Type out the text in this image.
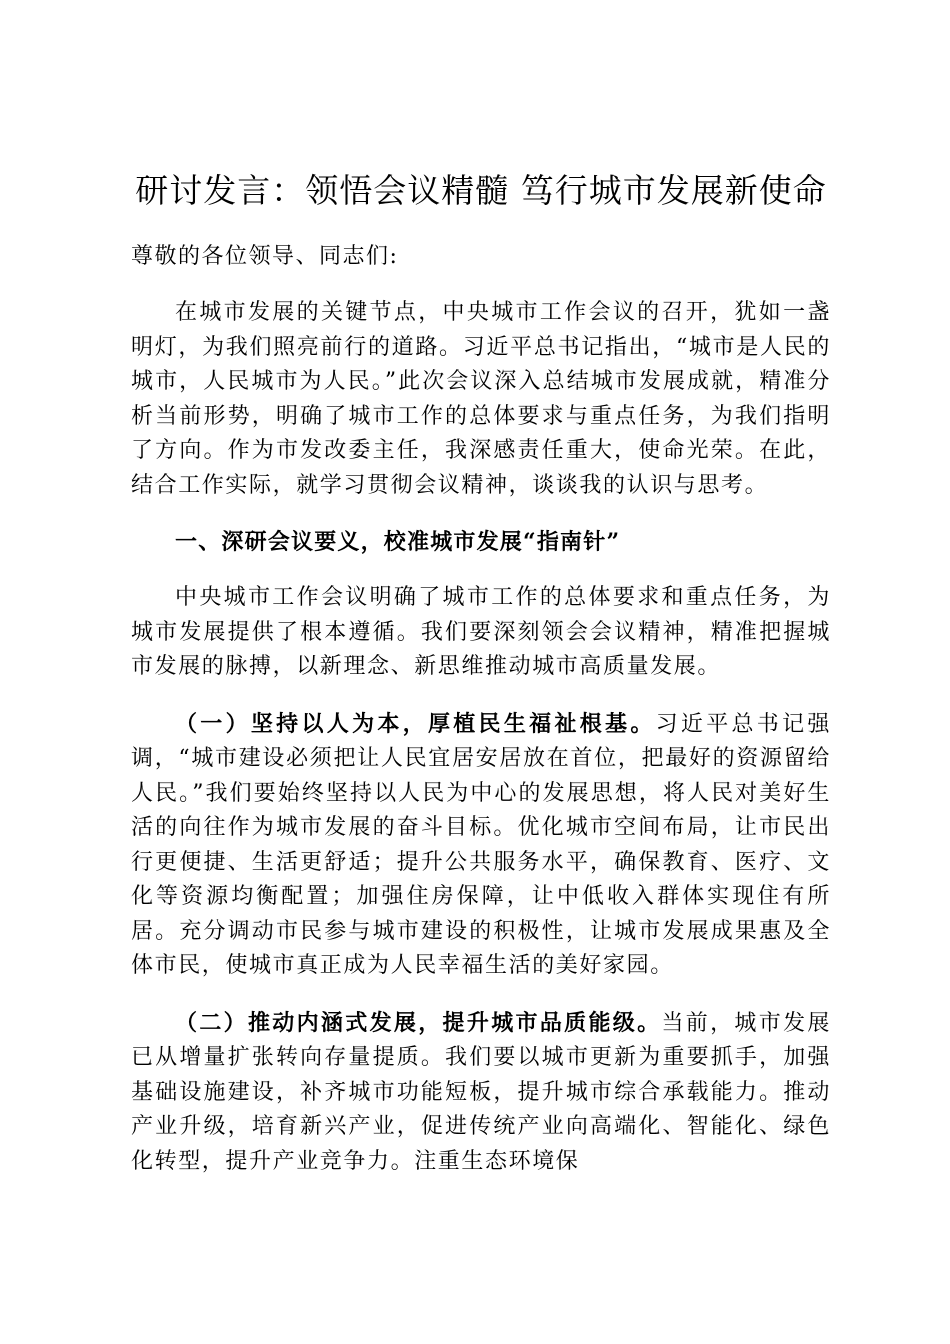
研讨发言：领悟会议精髓 笃行城市发展新使命
尊敬的各位领导、同志们:
在城市发展的关键节点，中央城市工作会议的召开，犹如一盏明灯，为我们照亮前行的道路。习近平总书记指出，“城市是人民的城市，人民城市为人民。”此次会议深入总结城市发展成就，精准分析当前形势，明确了城市工作的总体要求与重点任务，为我们指明了方向。作为市发改委主任，我深感责任重大，使命光荣。在此，结合工作实际，就学习贯彻会议精神，谈谈我的认识与思考。
一、深研会议要义，校准城市发展“指南针”
中央城市工作会议明确了城市工作的总体要求和重点任务，为城市发展提供了根本遵循。我们要深刻领会会议精神，精准把握城市发展的脉搏，以新理念、新思维推动城市高质量发展。
（一）坚持以人为本，厚植民生福祉根基。习近平总书记强调，“城市建设必须把让人民宜居安居放在首位，把最好的资源留给人民。”我们要始终坚持以人民为中心的发展思想，将人民对美好生活的向往作为城市发展的奋斗目标。优化城市空间布局，让市民出行更便捷、生活更舒适；提升公共服务水平，确保教育、医疗、文化等资源均衡配置；加强住房保障，让中低收入群体实现住有所居。充分调动市民参与城市建设的积极性，让城市发展成果惠及全体市民，使城市真正成为人民幸福生活的美好家园。
（二）推动内涵式发展，提升城市品质能级。当前，城市发展已从增量扩张转向存量提质。我们要以城市更新为重要抓手，加强基础设施建设，补齐城市功能短板，提升城市综合承载能力。推动产业升级，培育新兴产业，促进传统产业向高端化、智能化、绿色化转型，提升产业竞争力。注重生态环境保
